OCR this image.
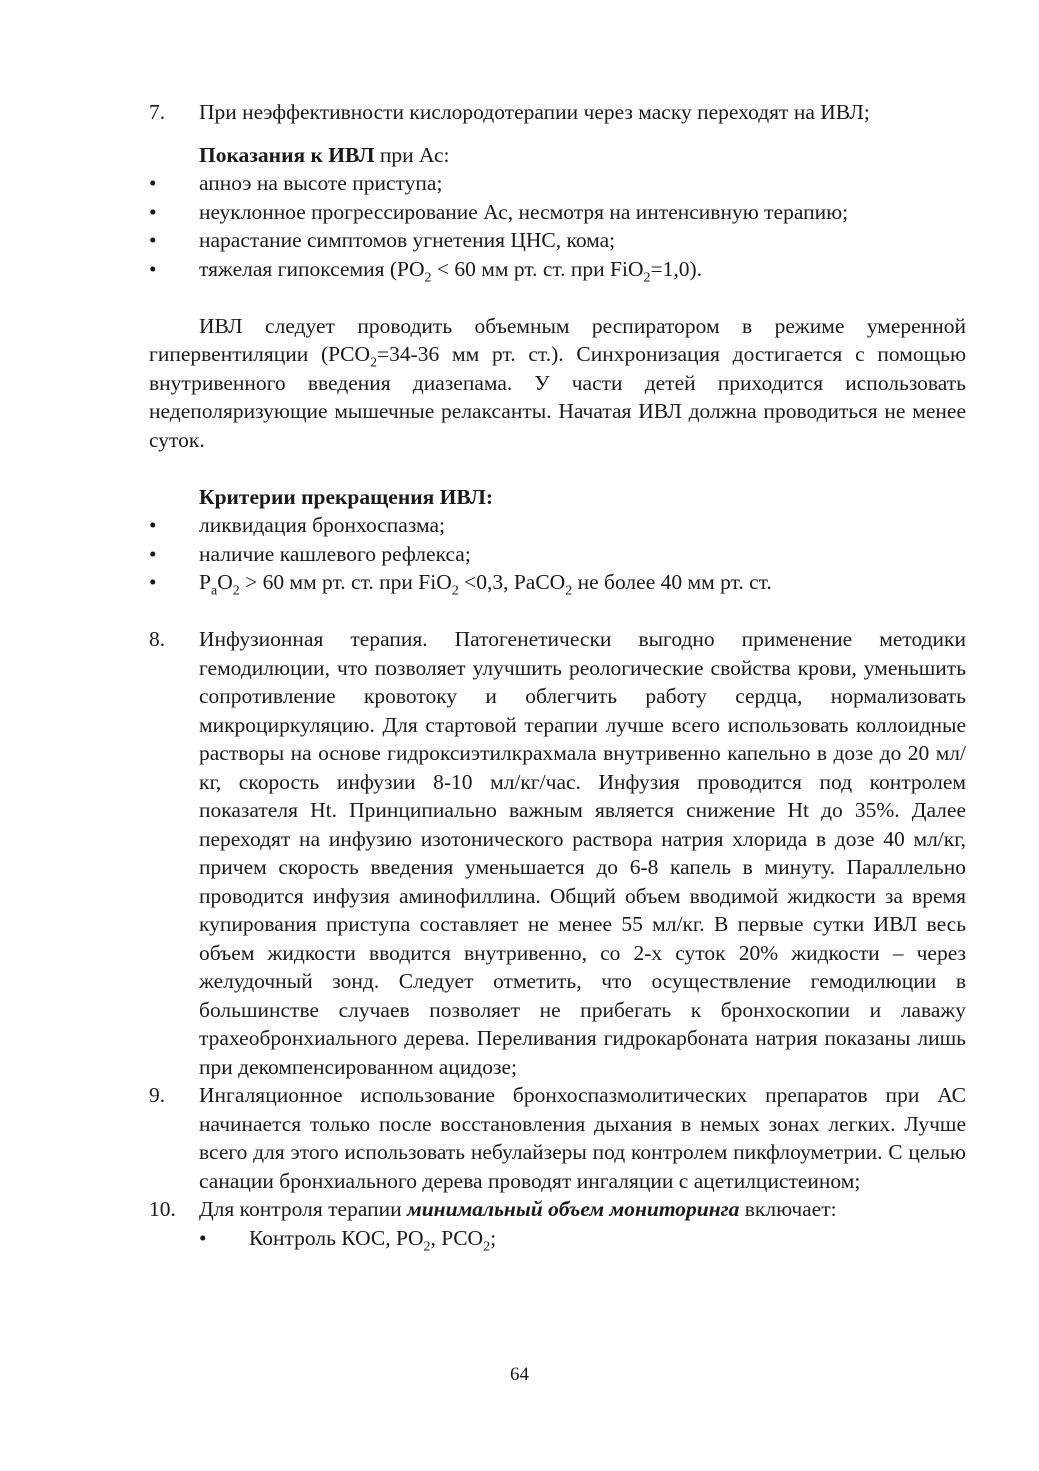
7.	При неэффективности кислородотерапии через маску переходят на ИВЛ;
Показания к ИВЛ при Ас:
•	апноэ на высоте приступа;
•	неуклонное прогрессирование Ас, несмотря на интенсивную терапию;
•	нарастание симптомов угнетения ЦНС, кома;
•	тяжелая гипоксемия ($PO_2 < 60$ мм рт. ст. при FiO$_2$=1,0).
ИВЛ следует проводить объемным респиратором в режиме умеренной гипервентиляции ($PCO_2=34-36$ мм рт. ст.). Синхронизация достигается с помощью внутривенного введения диазепама. У части детей приходится использовать недеполяризующие мышечные релаксанты. Начатая ИВЛ должна проводиться не менее суток.
Критерии прекращения ИВЛ:
•	ликвидация бронхоспазма;
•	наличие кашлевого рефлекса;
•	$P_aO_2 > 60$ мм рт. ст. при FiO$_2$ <0,3, PaCO$_2$ не более 40 мм рт. ст.
8.	Инфузионная терапия. Патогенетически выгодно применение методики гемодилюции, что позволяет улучшить реологические свойства крови, уменьшить сопротивление кровотоку и облегчить работу сердца, нормализовать микроциркуляцию. Для стартовой терапии лучше всего использовать коллоидные растворы на основе гидроксиэтилкрахмала внутривенно капельно в дозе до 20 мл/кг, скорость инфузии 8-10 мл/кг/час. Инфузия проводится под контролем показателя Ht. Принципиально важным является снижение Ht до 35%. Далее переходят на инфузию изотонического раствора натрия хлорида в дозе 40 мл/кг, причем скорость введения уменьшается до 6-8 капель в минуту. Параллельно проводится инфузия аминофиллина. Общий объем вводимой жидкости за время купирования приступа составляет не менее 55 мл/кг. В первые сутки ИВЛ весь объем жидкости вводится внутривенно, со 2-х суток 20% жидкости – через желудочный зонд. Следует отметить, что осуществление гемодилюции в большинстве случаев позволяет не прибегать к бронхоскопии и лаважу трахеобронхиального дерева. Переливания гидрокарбоната натрия показаны лишь при декомпенсированном ацидозе;
9.	Ингаляционное использование бронхоспазмолитических препаратов при АС начинается только после восстановления дыхания в немых зонах легких. Лучше всего для этого использовать небулайзеры под контролем пикфлоуметрии. С целью санации бронхиального дерева проводят ингаляции с ацетилцистеином;
10.	Для контроля терапии минимальный объем мониторинга включает:
•	Контроль КОС, $PO_2$, $PCO_2$;
64
